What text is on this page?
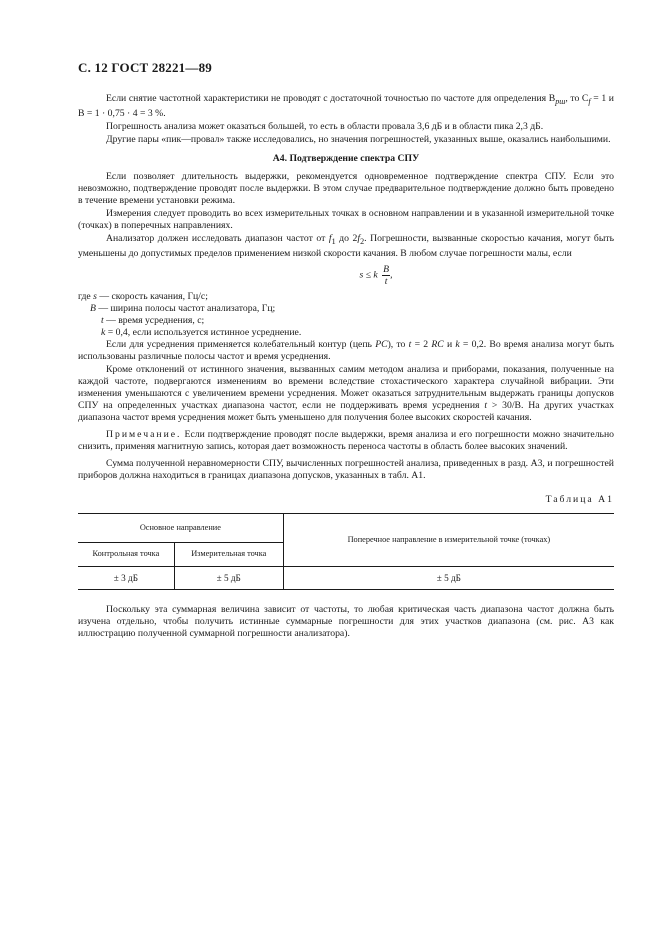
С. 12 ГОСТ 28221—89

Если снятие частотной характеристики не проводят с достаточной точностью по частоте для определения $B_{рш}$, то $C_f = 1$ и B = 1 · 0,75 · 4 = 3 %.

Погрешность анализа может оказаться большей, то есть в области провала 3,6 дБ и в области пика 2,3 дБ.

Другие пары «пик—провал» также исследовались, но значения погрешностей, указанных выше, оказались наибольшими.

А4. Подтверждение спектра СПУ

Если позволяет длительность выдержки, рекомендуется одновременное подтверждение спектра СПУ. Если это невозможно, подтверждение проводят после выдержки. В этом случае предварительное подтверждение должно быть проведено в течение времени установки режима.

Измерения следует проводить во всех измерительных точках в основном направлении и в указанной измерительной точке (точках) в поперечных направлениях.

Анализатор должен исследовать диапазон частот от $f_1$ до $2f_2$. Погрешности, вызванные скоростью качания, могут быть уменьшены до допустимых пределов применением низкой скорости качания. В любом случае погрешности малы, если

s ≤ k $\frac{B}{t}$ ,

где s — скорость качания, Гц/с;

B — ширина полосы частот анализатора, Гц;

t — время усреднения, с;

k = 0,4, если используется истинное усреднение.

Если для усреднения применяется колебательный контур (цепь PC), то t = 2 RC и k = 0,2. Во время анализа могут быть использованы различные полосы частот и время усреднения.

Кроме отклонений от истинного значения, вызванных самим методом анализа и приборами, показания, полученные на каждой частоте, подвергаются изменениям во времени вследствие стохастического характера случайной вибрации. Эти изменения уменьшаются с увеличением времени усреднения. Может оказаться затруднительным выдержать границы допусков СПУ на определенных участках диапазона частот, если не поддерживать время усреднения t > 30/B. На других участках диапазона частот время усреднения может быть уменьшено для получения более высоких скоростей качания.

Примечание. Если подтверждение проводят после выдержки, время анализа и его погрешности можно значительно снизить, применяя магнитную запись, которая дает возможность переноса частоты в область более высоких значений.

Сумма полученной неравномерности СПУ, вычисленных погрешностей анализа, приведенных в разд. А3, и погрешностей приборов должна находиться в границах диапазона допусков, указанных в табл. А1.

Таблица А1
Основное направление		Поперечное направление в измерительной точке (точках)
Контрольная точка	Измерительная точка	
± 3 дБ	± 5 дБ	± 5 дБ

Поскольку эта суммарная величина зависит от частоты, то любая критическая часть диапазона частот должна быть изучена отдельно, чтобы получить истинные суммарные погрешности для этих участков диапазона (см. рис. А3 как иллюстрацию полученной суммарной погрешности анализатора).
